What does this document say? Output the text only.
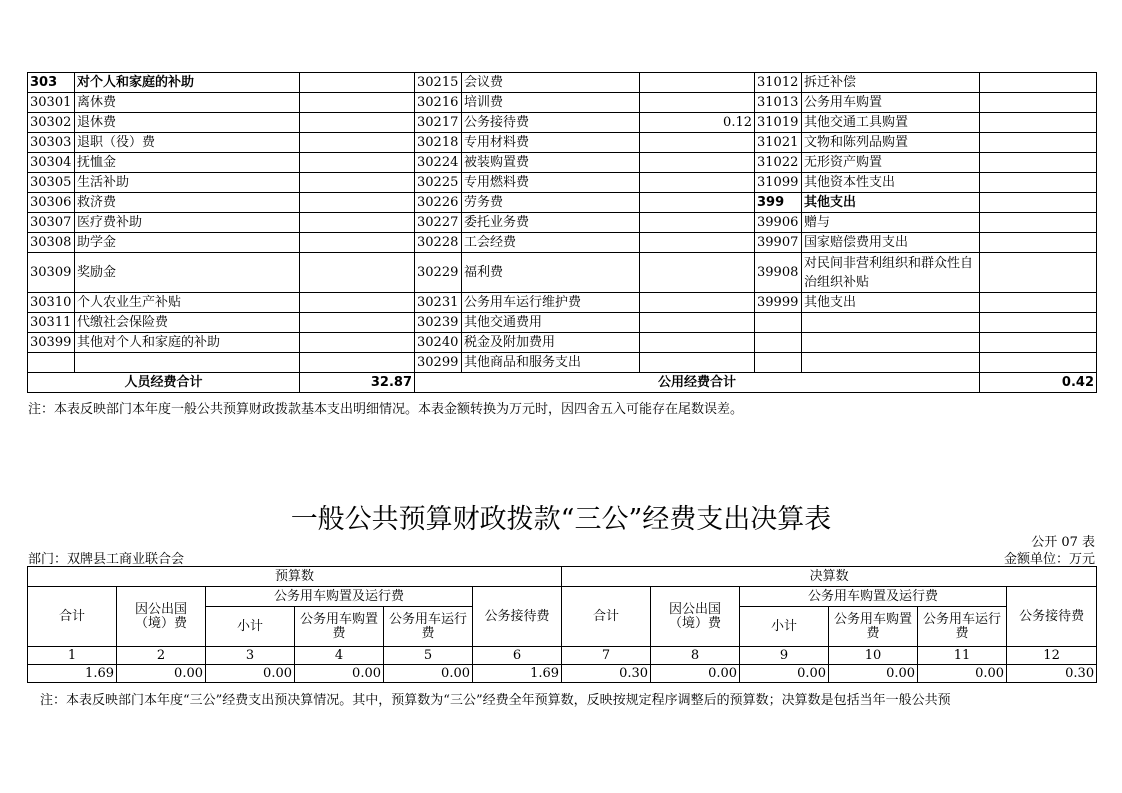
303	对个人和家庭的补助		30215	会议费		31012	拆迁补偿	
30301	离休费		30216	培训费		31013	公务用车购置	
30302	退休费		30217	公务接待费	0.12	31019	其他交通工具购置	
30303	退职（役）费		30218	专用材料费		31021	文物和陈列品购置	
30304	抚恤金		30224	被装购置费		31022	无形资产购置	
30305	生活补助		30225	专用燃料费		31099	其他资本性支出	
30306	救济费		30226	劳务费		399	其他支出	
30307	医疗费补助		30227	委托业务费		39906	赠与	
30308	助学金		30228	工会经费		39907	国家赔偿费用支出	
30309	奖励金		30229	福利费		39908	对民间非营利组织和群众性自治组织补贴	
30310	个人农业生产补贴		30231	公务用车运行维护费		39999	其他支出	
30311	代缴社会保险费		30239	其他交通费用				
30399	其他对个人和家庭的补助		30240	税金及附加费用				
			30299	其他商品和服务支出				
人员经费合计		32.87	公用经费合计					0.42
注：本表反映部门本年度一般公共预算财政拨款基本支出明细情况。本表金额转换为万元时，因四舍五入可能存在尾数误差。
一般公共预算财政拨款“三公”经费支出决算表
公开 07 表
部门：双牌县工商业联合会	金额单位：万元
预算数						决算数					
合计	因公出国（境）费	公务用车购置及运行费			公务接待费	合计	因公出国（境）费	公务用车购置及运行费			公务接待费
		小计	公务用车购置费	公务用车运行费				小计	公务用车购置费	公务用车运行费	
1	2	3	4	5	6	7	8	9	10	11	12
1.69	0.00	0.00	0.00	0.00	1.69	0.30	0.00	0.00	0.00	0.00	0.30
注：本表反映部门本年度“三公”经费支出预决算情况。其中，预算数为“三公”经费全年预算数，反映按规定程序调整后的预算数；决算数是包括当年一般公共预
